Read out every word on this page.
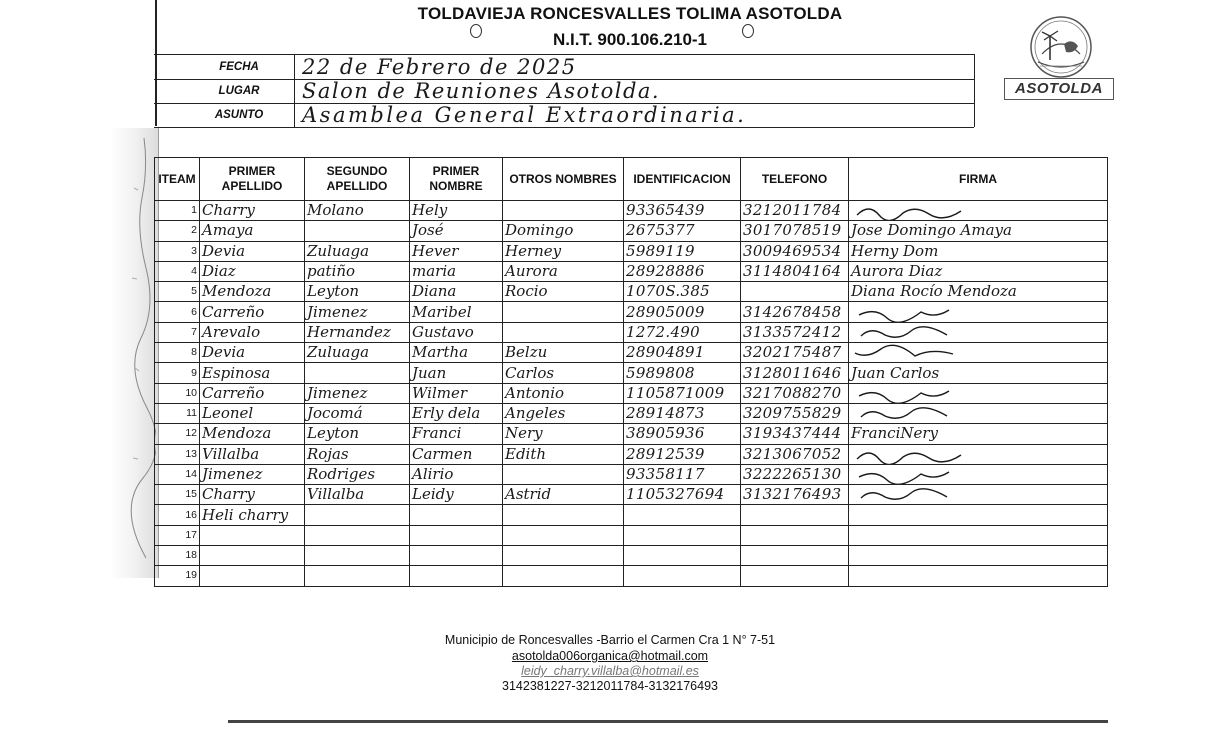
TOLDAVIEJA RONCESVALLES TOLIMA ASOTOLDA
N.I.T. 900.106.210-1
ASOTOLDA
FECHA	22 de Febrero de 2025
LUGAR	Salon de Reuniones Asotolda.
ASUNTO	Asamblea General Extraordinaria.
ITEAM	PRIMER APELLIDO	SEGUNDO APELLIDO	PRIMER NOMBRE	OTROS NOMBRES	IDENTIFICACION	TELEFONO	FIRMA
1	Charry	Molano	Hely		93365439	3212011784	

2	Amaya		José	Domingo	2675377	3017078519	Jose Domingo Amaya
3	Devia	Zuluaga	Hever	Herney	5989119	3009469534	Herny Dom
4	Diaz	patiño	maria	Aurora	28928886	3114804164	Aurora Diaz
5	Mendoza	Leyton	Diana	Rocio	1070S.385		Diana Rocío Mendoza
6	Carreño	Jimenez	Maribel		28905009	3142678458	

7	Arevalo	Hernandez	Gustavo		1272.490	3133572412	

8	Devia	Zuluaga	Martha	Belzu	28904891	3202175487	

9	Espinosa		Juan	Carlos	5989808	3128011646	Juan Carlos
10	Carreño	Jimenez	Wilmer	Antonio	1105871009	3217088270	

11	Leonel	Jocomá	Erly dela	Angeles	28914873	3209755829	

12	Mendoza	Leyton	Franci	Nery	38905936	3193437444	FranciNery
13	Villalba	Rojas	Carmen	Edith	28912539	3213067052	

14	Jimenez	Rodriges	Alirio		93358117	3222265130	

15	Charry	Villalba	Leidy	Astrid	1105327694	3132176493	

16	Heli charry						
17							
18							
19							
Municipio de Roncesvalles -Barrio el Carmen Cra 1 N° 7-51
asotolda006organica@hotmail.com
leidy_charry.villalba@hotmail.es
3142381227-3212011784-3132176493
